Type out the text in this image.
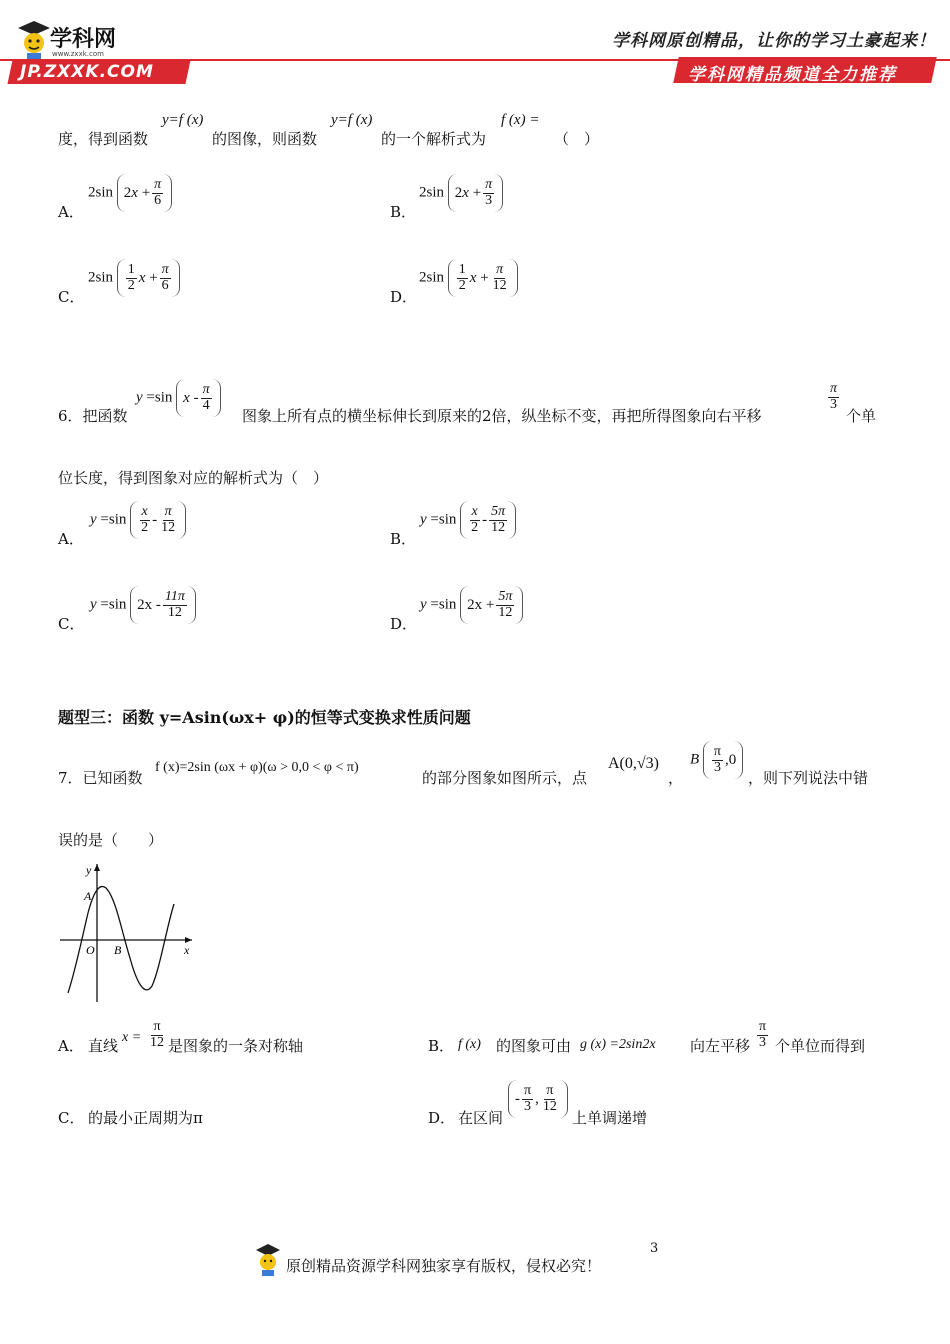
学科网
www.zxxk.com
JP.ZXXK.COM
学科网原创精品，让你的学习土豪起来！
学科网精品频道全力推荐
度，得到函数
y=f (x)
的图像，则函数
y=f (x)
的一个解析式为
f (x) =
（　）
A．
2sin $2x + \frac{\pi}{6}$
B．
2sin $2x + \frac{\pi}{3}$
C．
$2\sin \frac{1}{2}$ $x + \frac{\pi}{6}$
D．
$2\sin \frac{1}{2}$ $x + \frac{\pi}{12}$
6．把函数
y =sin x - $\frac{\pi}{4}$
图象上所有点的横坐标伸长到原来的2倍，纵坐标不变，再把所得图象向右平移
$\frac{\pi}{3}$
个单
位长度，得到图象对应的解析式为（　）
A．
$y =\sin \frac{x}{2} - \frac{\pi}{12}$
B．
$y =\sin \frac{x}{2} - \frac{5\pi}{12}$
C．
y =sin $2x - \frac{11\pi}{12}$
D．
y =sin $2x + \frac{5\pi}{12}$
题型三：函数 y=Asin(ωx+ φ)的恒等式变换求性质问题
7．已知函数
f (x)=2sin (ωx + φ)(ω > 0,0 < φ < π)
的部分图象如图所示，点
A(0,√3)
，
B $\frac{\pi}{3} ,0$
，则下列说法中错
误的是（　　）
y
A
O B	x
A． 直线 $x = \frac{\pi}{12}$ 是图象的一条对称轴	B． f (x) 的图象可由 g (x) =2sin2x 向左平移 $\frac{\pi}{3}$ 个单位而得到
C． 的最小正周期为π	D． 在区间
- $\frac{\pi}{3}$ , $\frac{\pi}{12}$
上单调递增
3
原创精品资源学科网独家享有版权，侵权必究！
